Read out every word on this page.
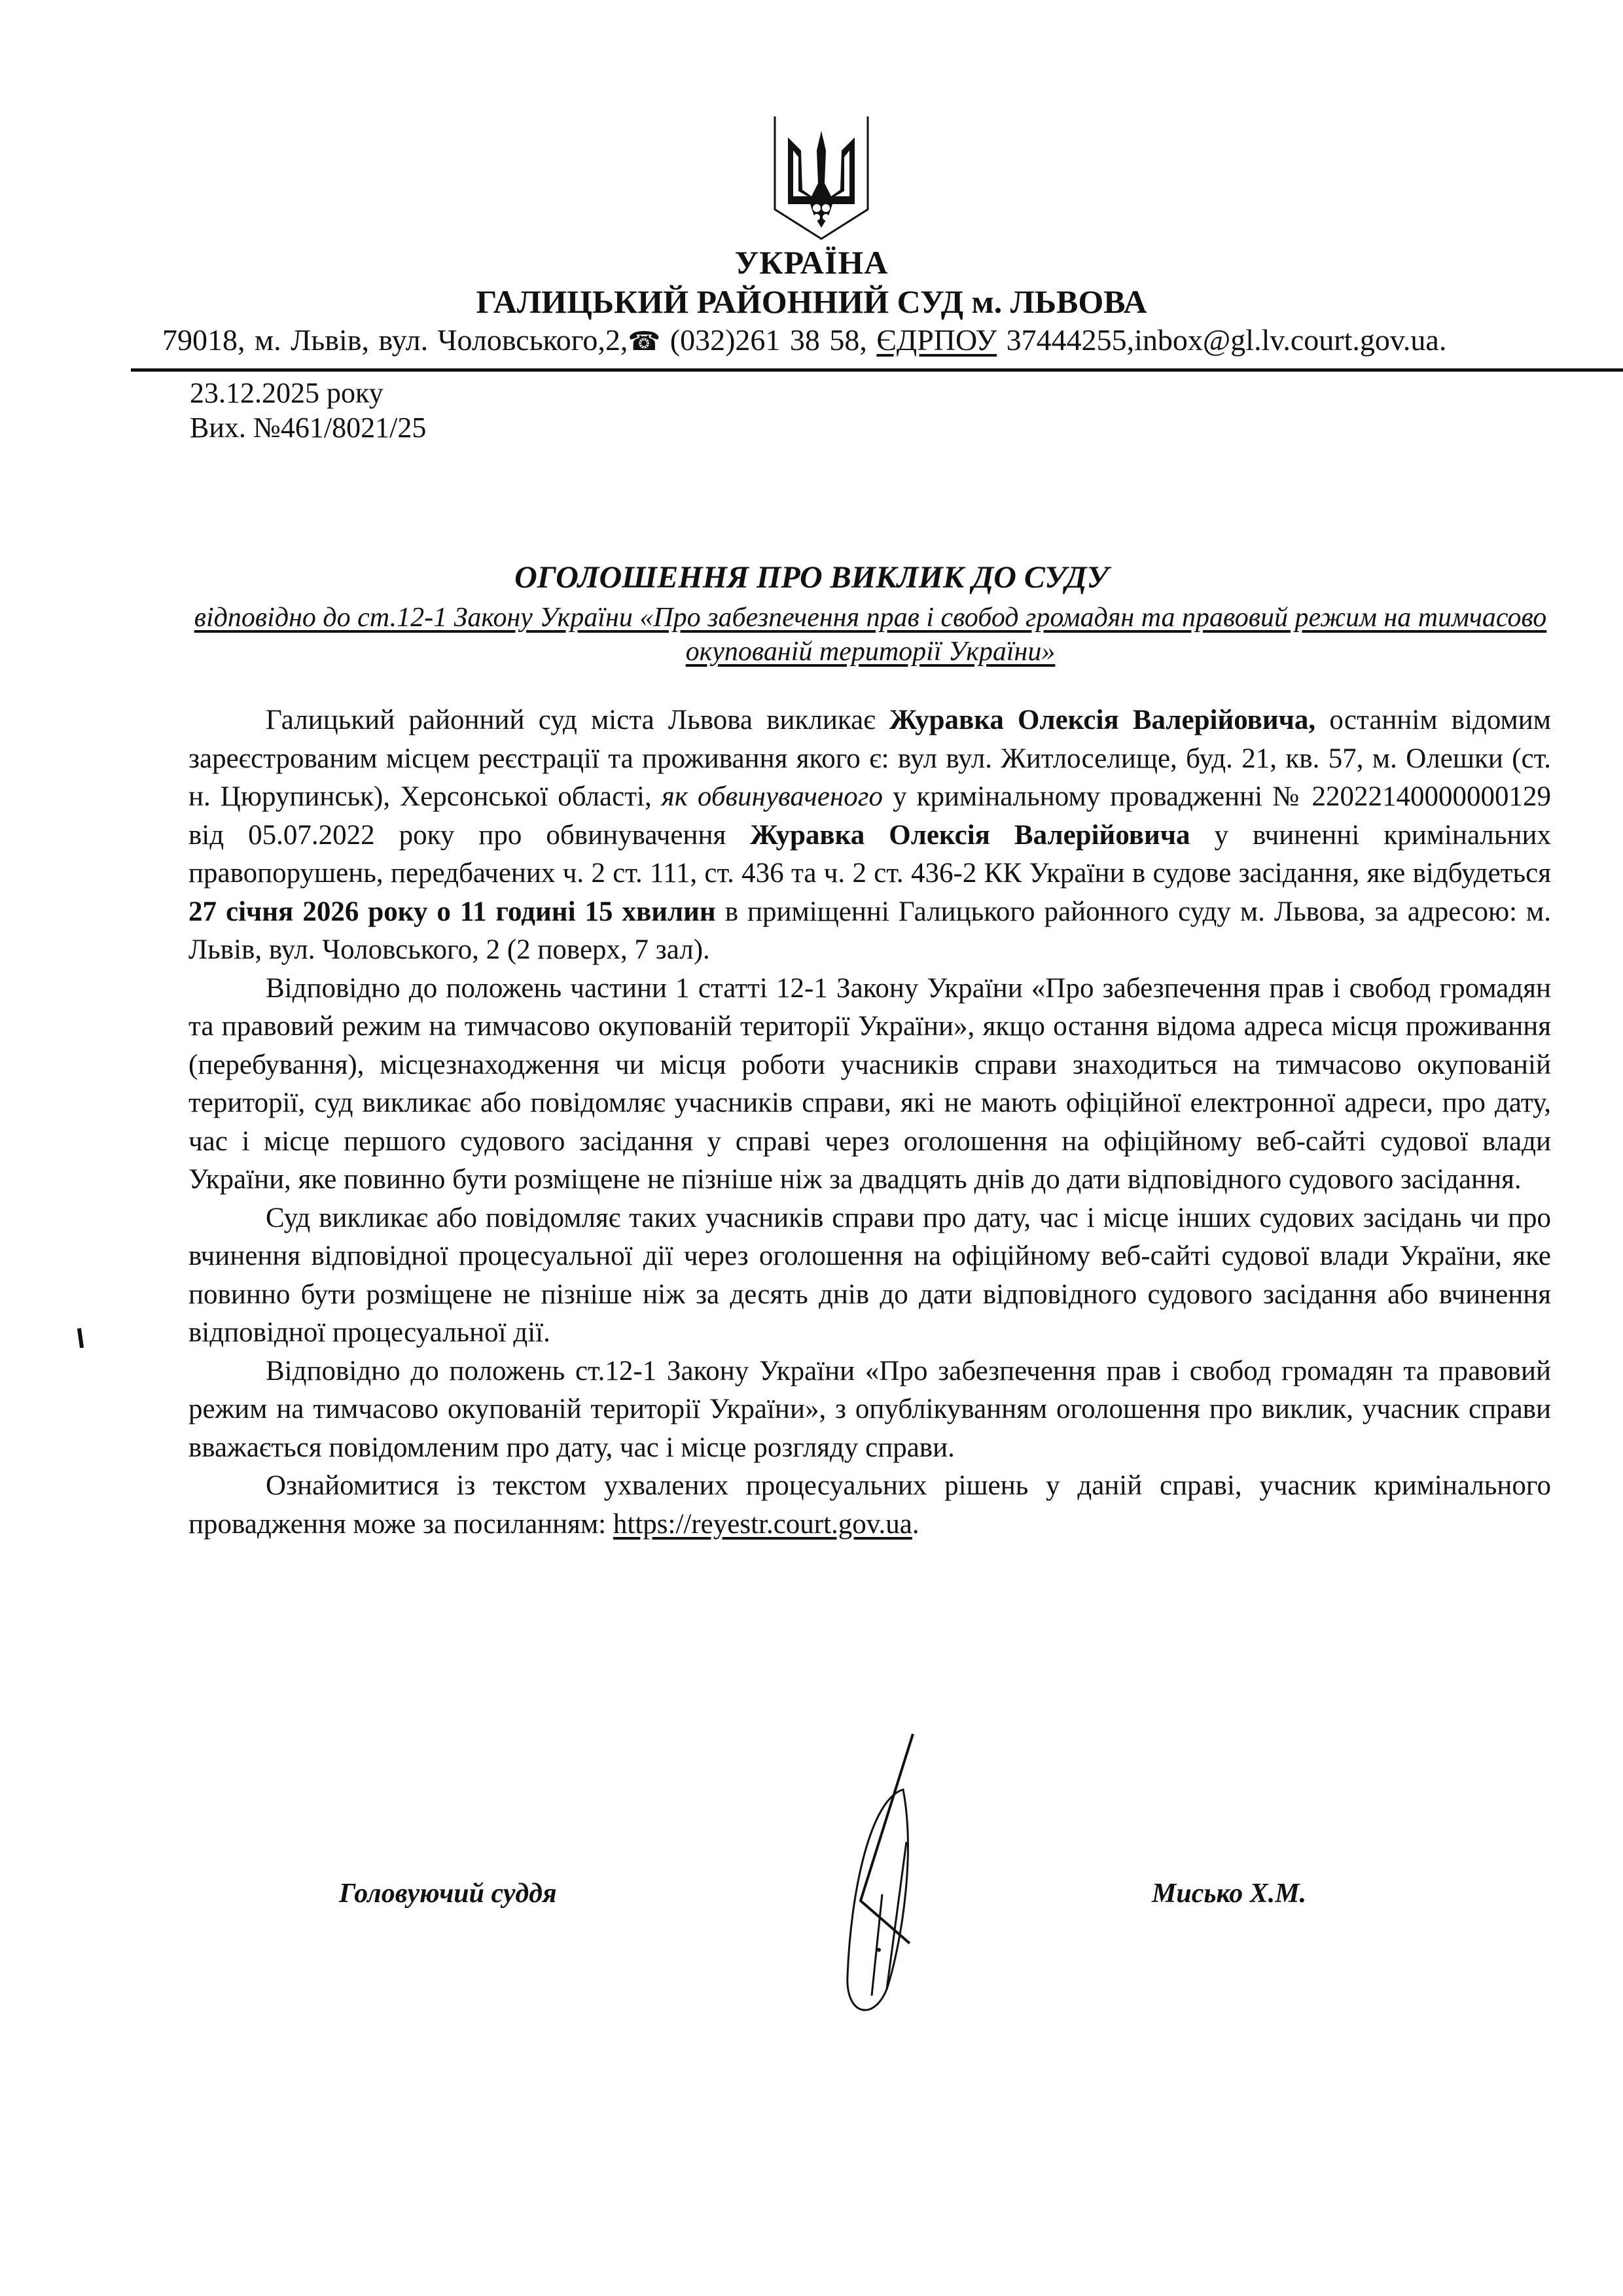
УКРАЇНА
ГАЛИЦЬКИЙ РАЙОННИЙ СУД м. ЛЬВОВА
79018, м. Львів, вул. Чоловського,2,☎ (032)261 38 58, ЄДРПОУ 37444255,inbox@gl.lv.court.gov.ua.
23.12.2025 року
Вих. №461/8021/25
ОГОЛОШЕННЯ ПРО ВИКЛИК ДО СУДУ
відповідно до ст.12-1 Закону України «Про забезпечення прав і свобод громадян та правовий режим на тимчасово окупованій території України»

Галицький районний суд міста Львова викликає Журавка Олексія Валерійовича, останнім відомим зареєстрованим місцем реєстрації та проживання якого є: вул вул. Житлоселище, буд. 21, кв. 57, м. Олешки (ст. н. Цюрупинськ), Херсонської області, як обвинуваченого у кримінальному провадженні № 22022140000000129 від 05.07.2022 року про обвинувачення Журавка Олексія Валерійовича у вчиненні кримінальних правопорушень, передбачених ч. 2 ст. 111, ст. 436 та ч. 2 ст. 436-2 КК України в судове засідання, яке відбудеться 27 січня 2026 року о 11 годині 15 хвилин в приміщенні Галицького районного суду м. Львова, за адресою: м. Львів, вул. Чоловського, 2 (2 поверх, 7 зал).

Відповідно до положень частини 1 статті 12-1 Закону України «Про забезпечення прав і свобод громадян та правовий режим на тимчасово окупованій території України», якщо остання відома адреса місця проживання (перебування), місцезнаходження чи місця роботи учасників справи знаходиться на тимчасово окупованій території, суд викликає або повідомляє учасників справи, які не мають офіційної електронної адреси, про дату, час і місце першого судового засідання у справі через оголошення на офіційному веб-сайті судової влади України, яке повинно бути розміщене не пізніше ніж за двадцять днів до дати відповідного судового засідання.

Суд викликає або повідомляє таких учасників справи про дату, час і місце інших судових засідань чи про вчинення відповідної процесуальної дії через оголошення на офіційному веб-сайті судової влади України, яке повинно бути розміщене не пізніше ніж за десять днів до дати відповідного судового засідання або вчинення відповідної процесуальної дії.

Відповідно до положень ст.12-1 Закону України «Про забезпечення прав і свобод громадян та правовий режим на тимчасово окупованій території України», з опублікуванням оголошення про виклик, учасник справи вважається повідомленим про дату, час і місце розгляду справи.

Ознайомитися із текстом ухвалених процесуальних рішень у даній справі, учасник кримінального провадження може за посиланням: https://reyestr.court.gov.ua.

Головуючий суддя	Мисько Х.М.
